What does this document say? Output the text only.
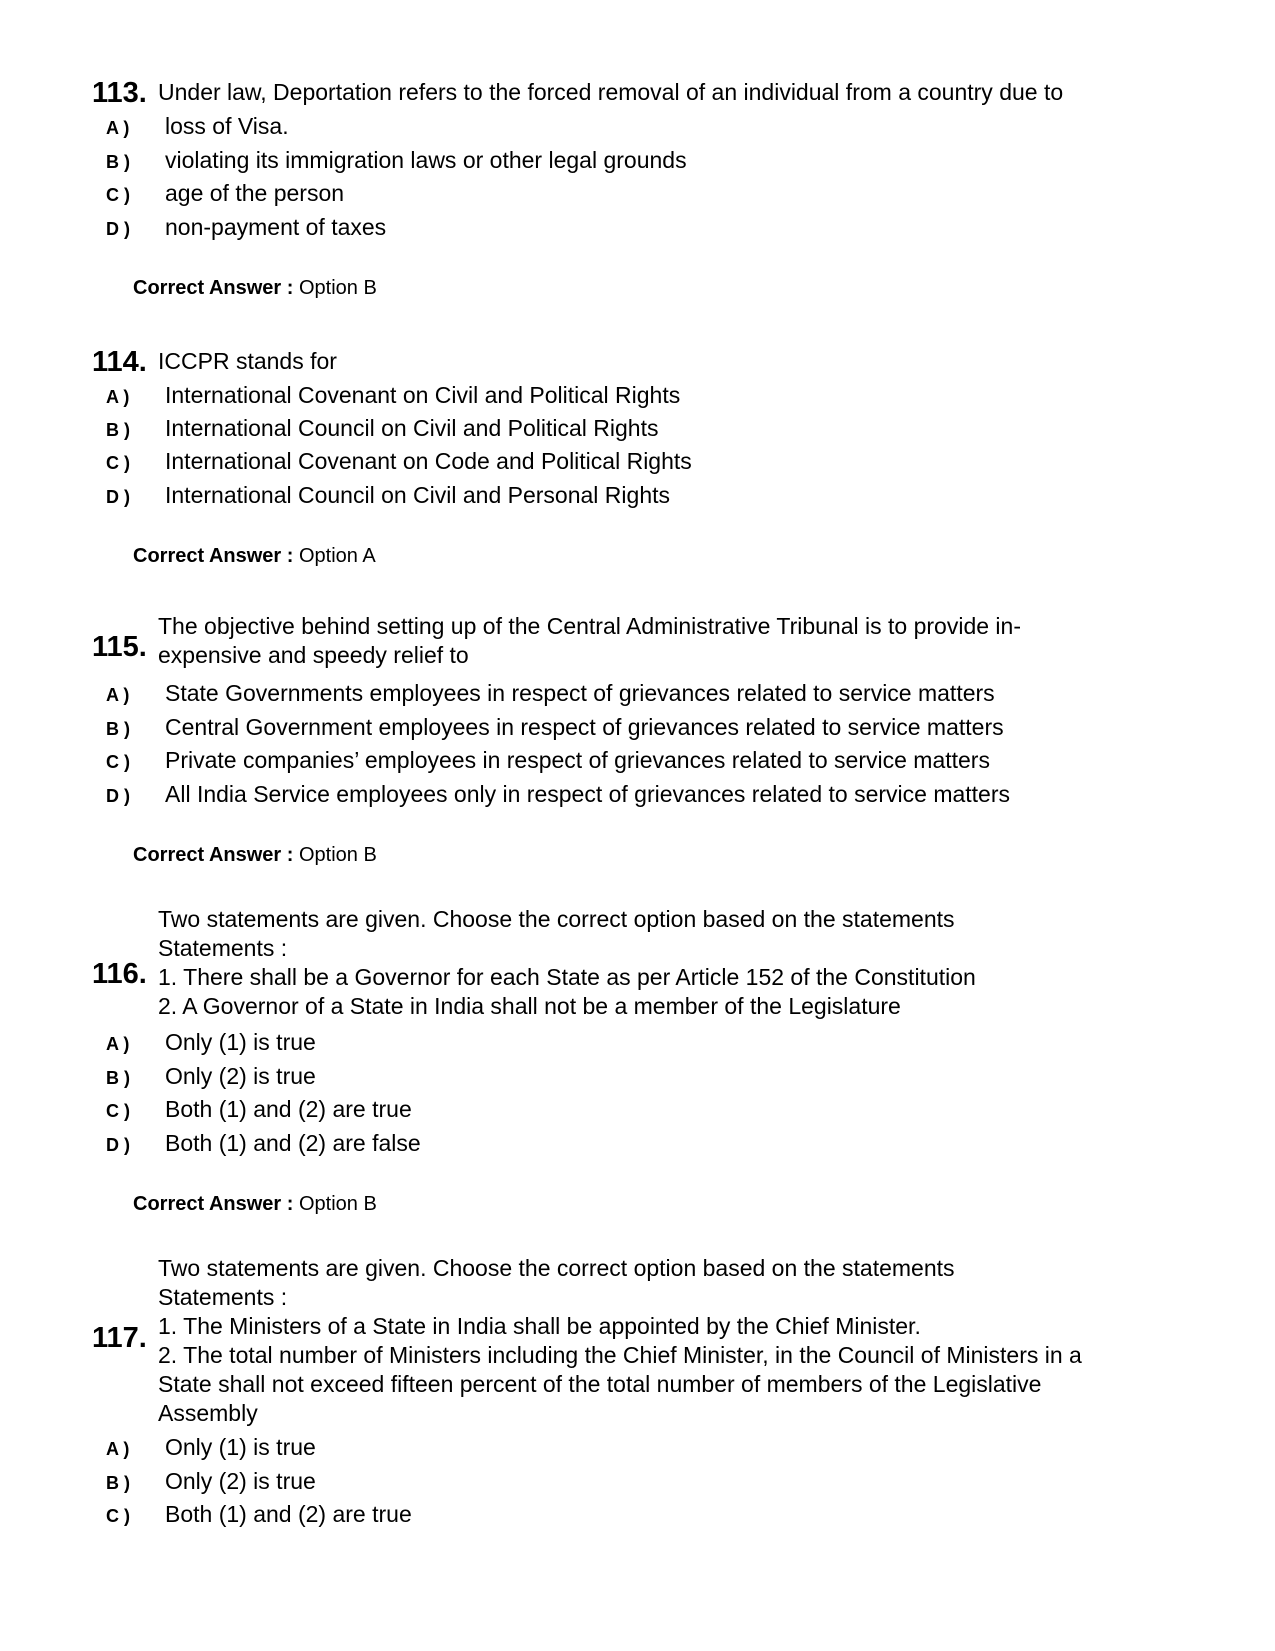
113. Under law, Deportation refers to the forced removal of an individual from a country due to
A ) loss of Visa.
B ) violating its immigration laws or other legal grounds
C ) age of the person
D ) non-payment of taxes
Correct Answer : Option B
114. ICCPR stands for
A ) International Covenant on Civil and Political Rights
B ) International Council on Civil and Political Rights
C ) International Covenant on Code and Political Rights
D ) International Council on Civil and Personal Rights
Correct Answer : Option A
115.
The objective behind setting up of the Central Administrative Tribunal is to provide in-
expensive and speedy relief to
A ) State Governments employees in respect of grievances related to service matters
B ) Central Government employees in respect of grievances related to service matters
C ) Private companies’ employees in respect of grievances related to service matters
D ) All India Service employees only in respect of grievances related to service matters
Correct Answer : Option B
116.
Two statements are given. Choose the correct option based on the statements
Statements :
1. There shall be a Governor for each State as per Article 152 of the Constitution
2. A Governor of a State in India shall not be a member of the Legislature
A ) Only (1) is true
B ) Only (2) is true
C ) Both (1) and (2) are true
D ) Both (1) and (2) are false
Correct Answer : Option B
117.
Two statements are given. Choose the correct option based on the statements
Statements :
1. The Ministers of a State in India shall be appointed by the Chief Minister.
2. The total number of Ministers including the Chief Minister, in the Council of Ministers in a
State shall not exceed fifteen percent of the total number of members of the Legislative
Assembly
A ) Only (1) is true
B ) Only (2) is true
C ) Both (1) and (2) are true
